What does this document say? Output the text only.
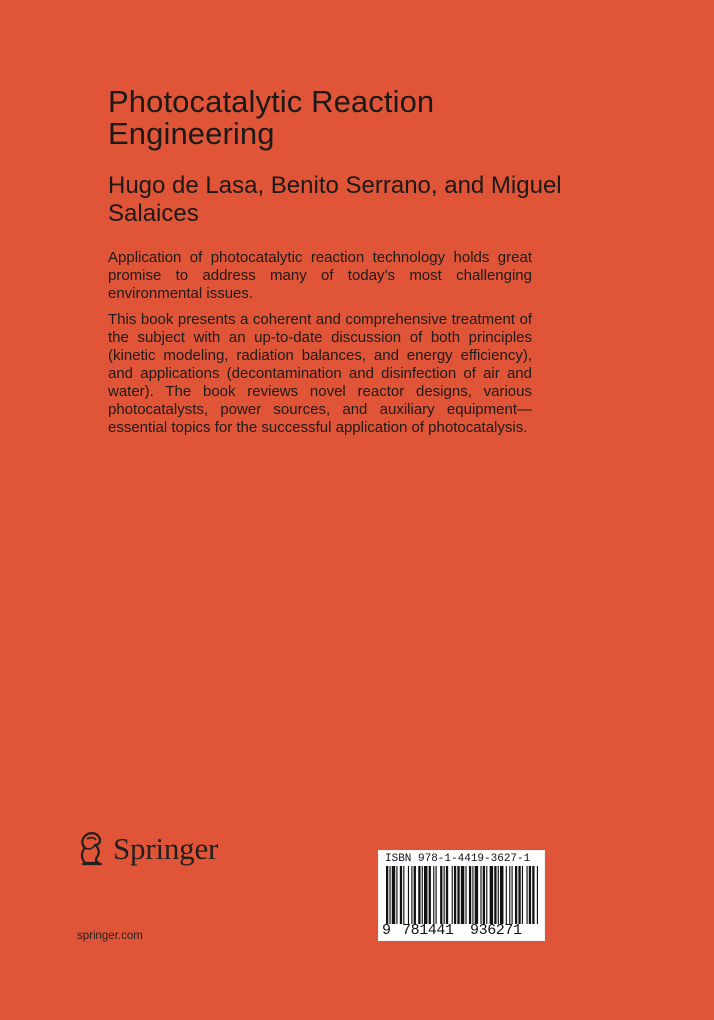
Photocatalytic Reaction Engineering
Hugo de Lasa, Benito Serrano, and Miguel Salaices

Application of photocatalytic reaction technology holds great promise to address many of today’s most challenging environmental issues.

This book presents a coherent and comprehensive treatment of the subject with an up-to-date discussion of both principles (kinetic modeling, radiation balances, and energy efficiency), and applications (decontamination and disinfection of air and water). The book reviews novel reactor designs, various photocatalysts, power sources, and auxiliary equipment—essential topics for the successful application of photocatalysis.

Springer
springer.com
ISBN 978-1-4419-3627-1
9 781441 936271
